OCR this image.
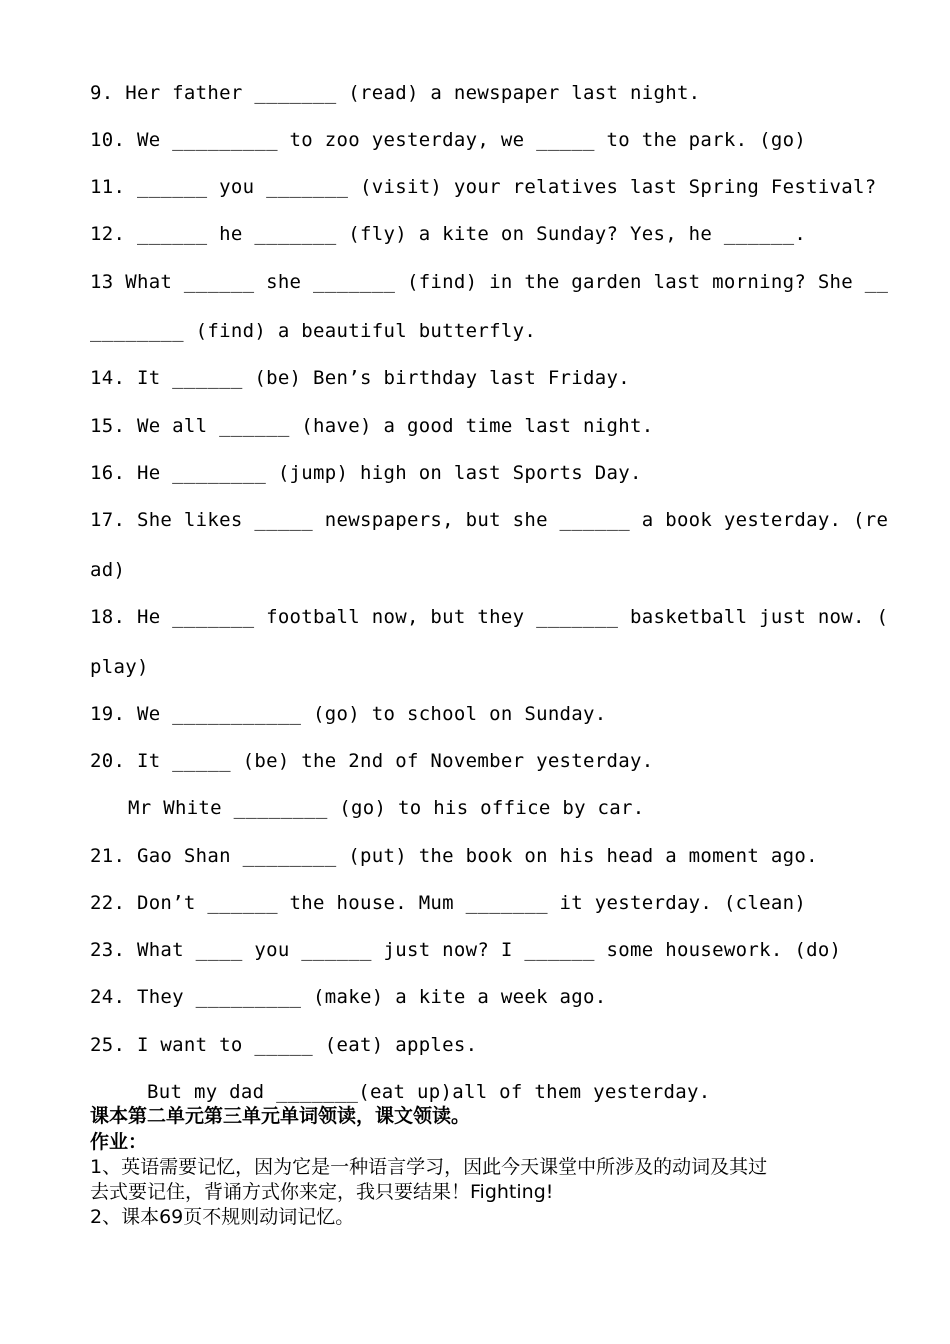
9. Her father _______ (read) a newspaper last night.
10. We _________ to zoo yesterday, we _____ to the park. (go)
11. ______ you _______ (visit) your relatives last Spring Festival?
12. ______ he _______ (fly) a kite on Sunday? Yes, he ______.
13 What ______ she _______ (find) in the garden last morning? She __
________ (find) a beautiful butterfly.
14. It ______ (be) Ben’s birthday last Friday.
15. We all ______ (have) a good time last night.
16. He ________ (jump) high on last Sports Day.
17. She likes _____ newspapers, but she ______ a book yesterday. (re
ad)
18. He _______ football now, but they _______ basketball just now. (
play)
19. We ___________ (go) to school on Sunday.
20. It _____ (be) the 2nd of November yesterday.
Mr White ________ (go) to his office by car.
21. Gao Shan ________ (put) the book on his head a moment ago.
22. Don’t ______ the house. Mum _______ it yesterday. (clean)
23. What ____ you ______ just now? I ______ some housework. (do)
24. They _________ (make) a kite a week ago.
25. I want to _____ (eat) apples.
But my dad _______(eat up)all of them yesterday.
课本第二单元第三单元单词领读，课文领读。
作业：
1、英语需要记忆，因为它是一种语言学习，因此今天课堂中所涉及的动词及其过
去式要记住，背诵方式你来定，我只要结果！Fighting!
2、课本69页不规则动词记忆。
